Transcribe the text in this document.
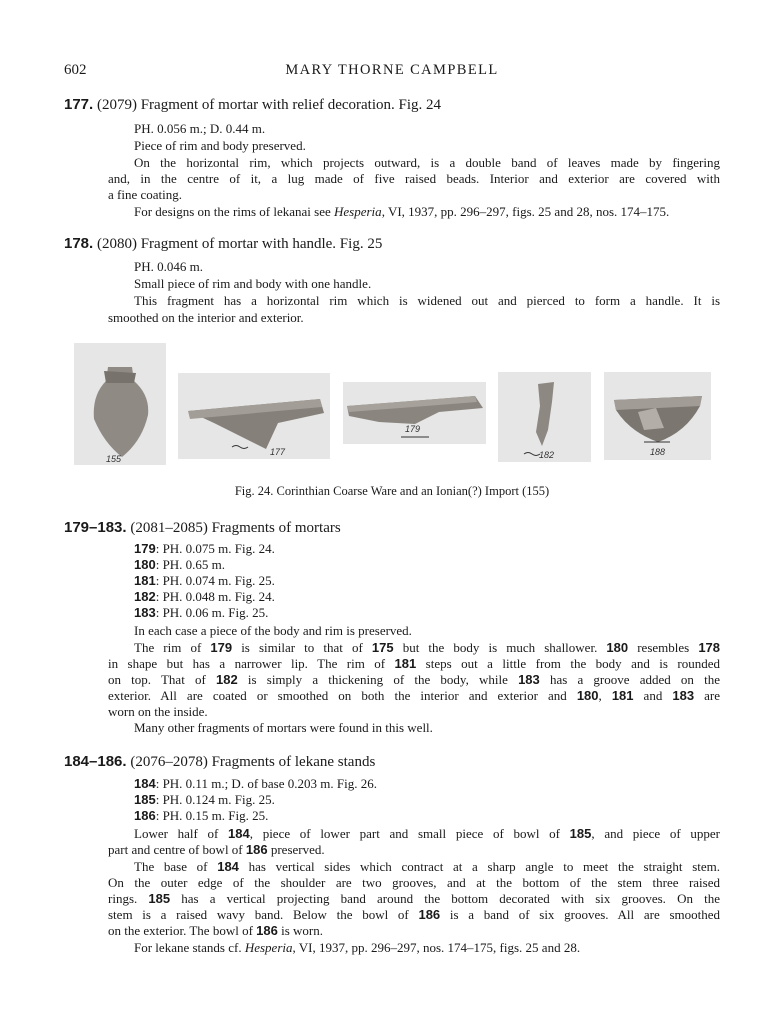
602	MARY THORNE CAMPBELL
177. (2079) Fragment of mortar with relief decoration. Fig. 24
PH. 0.056 m.; D. 0.44 m.
Piece of rim and body preserved.
On the horizontal rim, which projects outward, is a double band of leaves made by fingering
and, in the centre of it, a lug made of five raised beads. Interior and exterior are covered with
a fine coating.
For designs on the rims of lekanai see Hesperia, VI, 1937, pp. 296–297, figs. 25 and 28, nos. 174–175.
178. (2080) Fragment of mortar with handle. Fig. 25
PH. 0.046 m.
Small piece of rim and body with one handle.
This fragment has a horizontal rim which is widened out and pierced to form a handle. It is
smoothed on the interior and exterior.
155
177
179
182	188
Fig. 24. Corinthian Coarse Ware and an Ionian(?) Import (155)
179–183. (2081–2085) Fragments of mortars
179: PH. 0.075 m. Fig. 24.
180: PH. 0.65 m.
181: PH. 0.074 m. Fig. 25.
182: PH. 0.048 m. Fig. 24.
183: PH. 0.06 m. Fig. 25.
In each case a piece of the body and rim is preserved.
The rim of 179 is similar to that of 175 but the body is much shallower. 180 resembles 178
in shape but has a narrower lip. The rim of 181 steps out a little from the body and is rounded
on top. That of 182 is simply a thickening of the body, while 183 has a groove added on the
exterior. All are coated or smoothed on both the interior and exterior and 180, 181 and 183 are
worn on the inside.
Many other fragments of mortars were found in this well.
184–186. (2076–2078) Fragments of lekane stands
184: PH. 0.11 m.; D. of base 0.203 m. Fig. 26.
185: PH. 0.124 m. Fig. 25.
186: PH. 0.15 m. Fig. 25.
Lower half of 184, piece of lower part and small piece of bowl of 185, and piece of upper
part and centre of bowl of 186 preserved.
The base of 184 has vertical sides which contract at a sharp angle to meet the straight stem.
On the outer edge of the shoulder are two grooves, and at the bottom of the stem three raised
rings. 185 has a vertical projecting band around the bottom decorated with six grooves. On the
stem is a raised wavy band. Below the bowl of 186 is a band of six grooves. All are smoothed
on the exterior. The bowl of 186 is worn.
For lekane stands cf. Hesperia, VI, 1937, pp. 296–297, nos. 174–175, figs. 25 and 28.
